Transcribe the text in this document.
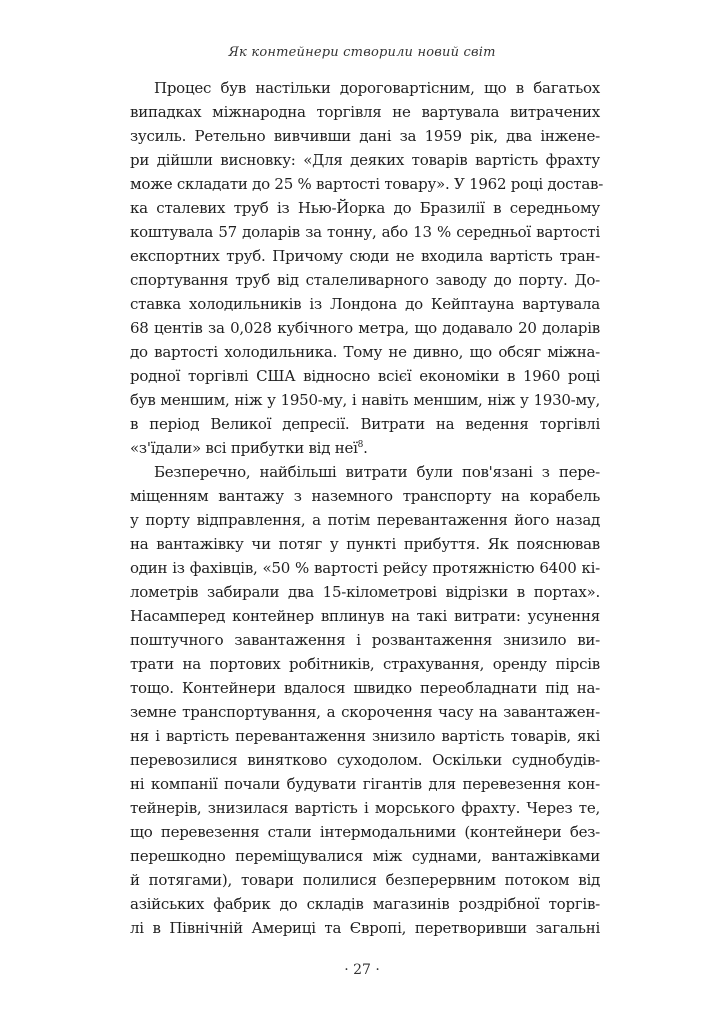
Як контейнери створили новий світ
Процес був настільки дороговартісним, що в багатьох
випадках міжнародна торгівля не вартувала витрачених
зусиль. Ретельно вивчивши дані за 1959 рік, два інжене-
ри дійшли висновку: «Для деяких товарів вартість фрахту
може складати до 25 % вартості товару». У 1962 році достав-
ка сталевих труб із Нью-Йорка до Бразилії в середньому
коштувала 57 доларів за тонну, або 13 % середньої вартості
експортних труб. Причому сюди не входила вартість тран-
спортування труб від сталеливарного заводу до порту. До-
ставка холодильників із Лондона до Кейптауна вартувала
68 центів за 0,028 кубічного метра, що додавало 20 доларів
до вартості холодильника. Тому не дивно, що обсяг міжна-
родної торгівлі США відносно всієї економіки в 1960 році
був меншим, ніж у 1950-му, і навіть меншим, ніж у 1930-му,
в період Великої депресії. Витрати на ведення торгівлі
«з'їдали» всі прибутки від неї$^8$.
Безперечно, найбільші витрати були пов'язані з пере-
міщенням вантажу з наземного транспорту на корабель
у порту відправлення, а потім перевантаження його назад
на вантажівку чи потяг у пункті прибуття. Як пояснював
один із фахівців, «50 % вартості рейсу протяжністю 6400 кі-
лометрів забирали два 15-кілометрові відрізки в портах».
Насамперед контейнер вплинув на такі витрати: усунення
поштучного завантаження і розвантаження знизило ви-
трати на портових робітників, страхування, оренду пірсів
тощо. Контейнери вдалося швидко переобладнати під на-
земне транспортування, а скорочення часу на завантажен-
ня і вартість перевантаження знизило вартість товарів, які
перевозилися винятково суходолом. Оскільки суднобудів-
ні компанії почали будувати гігантів для перевезення кон-
тейнерів, знизилася вартість і морського фрахту. Через те,
що перевезення стали інтермодальними (контейнери без-
перешкодно переміщувалися між суднами, вантажівками
й потягами), товари полилися безперервним потоком від
азійських фабрик до складів магазинів роздрібної торгів-
лі в Північній Америці та Європі, перетворивши загальні
· 27 ·
